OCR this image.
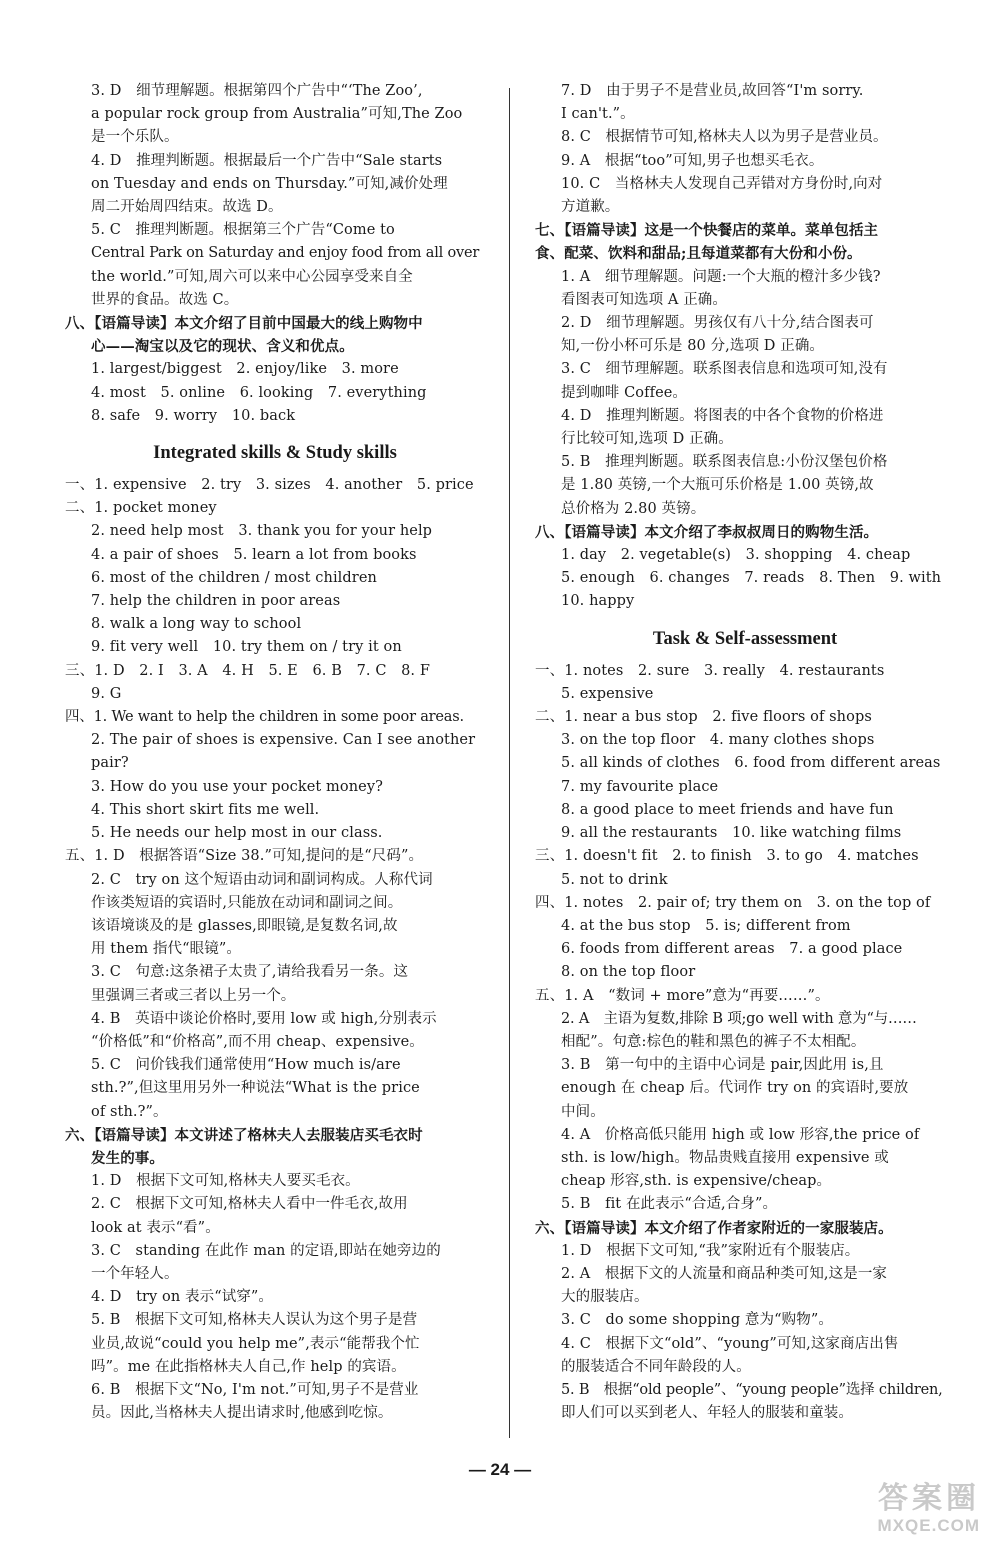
3. D　细节理解题。根据第四个广告中“‘The Zoo’,
a popular rock group from Australia”可知,The Zoo
是一个乐队。
4. D　推理判断题。根据最后一个广告中“Sale starts
on Tuesday and ends on Thursday.”可知,减价处理
周二开始周四结束。故选 D。
5. C　推理判断题。根据第三个广告“Come to
Central Park on Saturday and enjoy food from all over
the world.”可知,周六可以来中心公园享受来自全
世界的食品。故选 C。
八、【语篇导读】本文介绍了目前中国最大的线上购物中
心——淘宝以及它的现状、含义和优点。
1. largest/biggest　2. enjoy/like　3. more
4. most　5. online　6. looking　7. everything
8. safe　9. worry　10. back
Integrated skills & Study skills
一、1. expensive　2. try　3. sizes　4. another　5. price
二、1. pocket money
2. need help most　3. thank you for your help
4. a pair of shoes　5. learn a lot from books
6. most of the children / most children
7. help the children in poor areas
8. walk a long way to school
9. fit very well　10. try them on / try it on
三、1. D　2. I　3. A　4. H　5. E　6. B　7. C　8. F
9. G
四、1. We want to help the children in some poor areas.
2. The pair of shoes is expensive. Can I see another
pair?
3. How do you use your pocket money?
4. This short skirt fits me well.
5. He needs our help most in our class.
五、1. D　根据答语“Size 38.”可知,提问的是“尺码”。
2. C　try on 这个短语由动词和副词构成。人称代词
作该类短语的宾语时,只能放在动词和副词之间。
该语境谈及的是 glasses,即眼镜,是复数名词,故
用 them 指代“眼镜”。
3. C　句意:这条裙子太贵了,请给我看另一条。这
里强调三者或三者以上另一个。
4. B　英语中谈论价格时,要用 low 或 high,分别表示
“价格低”和“价格高”,而不用 cheap、expensive。
5. C　问价钱我们通常使用“How much is/are
sth.?”,但这里用另外一种说法“What is the price
of sth.?”。
六、【语篇导读】本文讲述了格林夫人去服装店买毛衣时
发生的事。
1. D　根据下文可知,格林夫人要买毛衣。
2. C　根据下文可知,格林夫人看中一件毛衣,故用
look at 表示“看”。
3. C　standing 在此作 man 的定语,即站在她旁边的
一个年轻人。
4. D　try on 表示“试穿”。
5. B　根据下文可知,格林夫人误认为这个男子是营
业员,故说“could you help me”,表示“能帮我个忙
吗”。me 在此指格林夫人自己,作 help 的宾语。
6. B　根据下文“No, I'm not.”可知,男子不是营业
员。因此,当格林夫人提出请求时,他感到吃惊。
7. D　由于男子不是营业员,故回答“I'm sorry.
I can't.”。
8. C　根据情节可知,格林夫人以为男子是营业员。
9. A　根据“too”可知,男子也想买毛衣。
10. C　当格林夫人发现自己弄错对方身份时,向对
方道歉。
七、【语篇导读】这是一个快餐店的菜单。菜单包括主
食、配菜、饮料和甜品;且每道菜都有大份和小份。
1. A　细节理解题。问题:一个大瓶的橙汁多少钱?
看图表可知选项 A 正确。
2. D　细节理解题。男孩仅有八十分,结合图表可
知,一份小杯可乐是 80 分,选项 D 正确。
3. C　细节理解题。联系图表信息和选项可知,没有
提到咖啡 Coffee。
4. D　推理判断题。将图表的中各个食物的价格进
行比较可知,选项 D 正确。
5. B　推理判断题。联系图表信息:小份汉堡包价格
是 1.80 英镑,一个大瓶可乐价格是 1.00 英镑,故
总价格为 2.80 英镑。
八、【语篇导读】本文介绍了李叔叔周日的购物生活。
1. day　2. vegetable(s)　3. shopping　4. cheap
5. enough　6. changes　7. reads　8. Then　9. with
10. happy
Task & Self-assessment
一、1. notes　2. sure　3. really　4. restaurants
5. expensive
二、1. near a bus stop　2. five floors of shops
3. on the top floor　4. many clothes shops
5. all kinds of clothes　6. food from different areas
7. my favourite place
8. a good place to meet friends and have fun
9. all the restaurants　10. like watching films
三、1. doesn't fit　2. to finish　3. to go　4. matches
5. not to drink
四、1. notes　2. pair of; try them on　3. on the top of
4. at the bus stop　5. is; different from
6. foods from different areas　7. a good place
8. on the top floor
五、1. A　“数词 + more”意为“再要……”。
2. A　主语为复数,排除 B 项;go well with 意为“与……
相配”。句意:棕色的鞋和黑色的裤子不太相配。
3. B　第一句中的主语中心词是 pair,因此用 is,且
enough 在 cheap 后。代词作 try on 的宾语时,要放
中间。
4. A　价格高低只能用 high 或 low 形容,the price of
sth. is low/high。物品贵贱直接用 expensive 或
cheap 形容,sth. is expensive/cheap。
5. B　fit 在此表示“合适,合身”。
六、【语篇导读】本文介绍了作者家附近的一家服装店。
1. D　根据下文可知,“我”家附近有个服装店。
2. A　根据下文的人流量和商品种类可知,这是一家
大的服装店。
3. C　do some shopping 意为“购物”。
4. C　根据下文“old”、“young”可知,这家商店出售
的服装适合不同年龄段的人。
5. B　根据“old people”、“young people”选择 children,
即人们可以买到老人、年轻人的服装和童装。
— 24 —
答案圈
MXQE.COM
